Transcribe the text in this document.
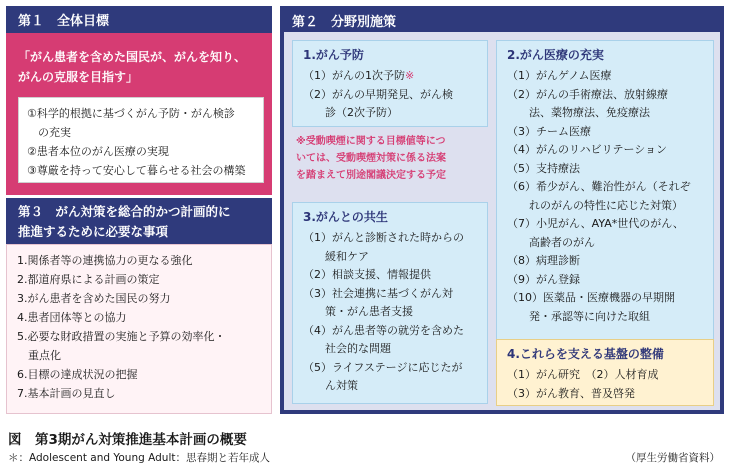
第１　全体目標
「がん患者を含めた国民が、がんを知り、
がんの克服を目指す」
①科学的根拠に基づくがん予防・がん検診
　の充実
②患者本位のがん医療の実現
③尊厳を持って安心して暮らせる社会の構築
第３　がん対策を総合的かつ計画的に
推進するために必要な事項
1.関係者等の連携協力の更なる強化
2.都道府県による計画の策定
3.がん患者を含めた国民の努力
4.患者団体等との協力
5.必要な財政措置の実施と予算の効率化・
　重点化
6.目標の達成状況の把握
7.基本計画の見直し
第２　分野別施策
1.がん予防
（1）がんの1次予防※
（2）がんの早期発見、がん検
　　診（2次予防）
※受動喫煙に関する目標値等につ
いては、受動喫煙対策に係る法案
を踏まえて別途閣議決定する予定
2.がん医療の充実
（1）がんゲノム医療
（2）がんの手術療法、放射線療
　　法、薬物療法、免疫療法
（3）チーム医療
（4）がんのリハビリテーション
（5）支持療法
（6）希少がん、難治性がん（それぞ
　　れのがんの特性に応じた対策）
（7）小児がん、AYA*世代のがん、
　　高齢者のがん
（8）病理診断
（9）がん登録
（10）医薬品・医療機器の早期開
　　発・承認等に向けた取組
3.がんとの共生
（1）がんと診断された時からの
　　緩和ケア
（2）相談支援、情報提供
（3）社会連携に基づくがん対
　　策・がん患者支援
（4）がん患者等の就労を含めた
　　社会的な問題
（5）ライフステージに応じたが
　　ん対策
4.これらを支える基盤の整備
（1）がん研究　（2）人材育成
（3）がん教育、普及啓発
図　第3期がん対策推進基本計画の概要
＊：Adolescent and Young Adult：思春期と若年成人	（厚生労働省資料）
